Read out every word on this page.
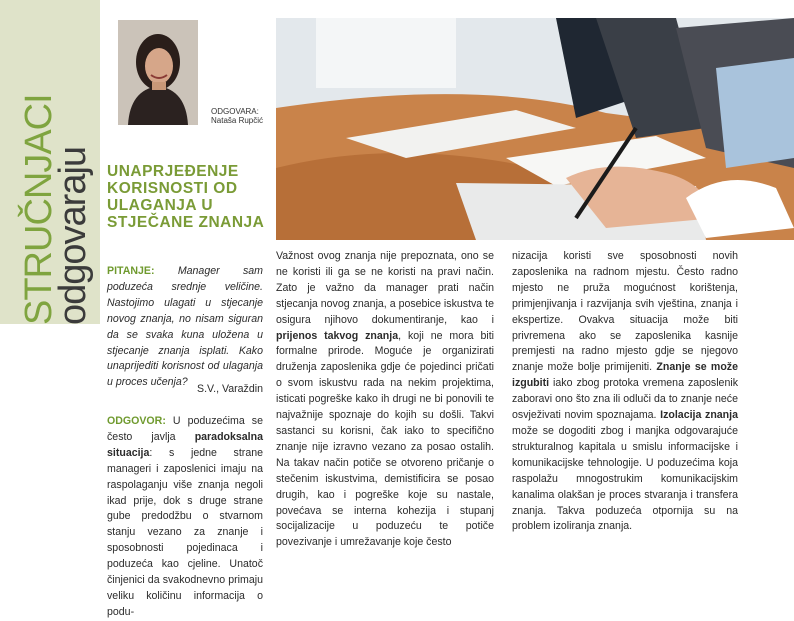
STRUČNJACI
odgovaraju
ODGOVARA:
Nataša Rupčić
UNAPRJEĐENJE KORISNOSTI OD ULAGANJA U STJEČANE ZNANJA

PITANJE: Manager sam poduzeća srednje veličine. Nastojimo ulagati u stjecanje novog znanja, no nisam siguran da se svaka kuna uložena u stjecanje znanja isplati. Kako unaprijediti korisnost od ulaganja u proces učenja?

S.V., Varaždin

ODGOVOR: U poduzećima se često javlja paradoksalna situacija: s jedne strane manageri i zaposlenici imaju na raspolaganju više znanja negoli ikad prije, dok s druge strane gube predodžbu o stvarnom stanju vezano za znanje i sposobnosti pojedinaca i poduzeća kao cjeline. Unatoč činjenici da svakodnevno primaju veliku količinu informacija o podu-

Važnost ovog znanja nije prepoznata, ono se ne koristi ili ga se ne koristi na pravi način. Zato je važno da manager prati način stjecanja novog znanja, a posebice iskustva te osigura njihovo dokumentiranje, kao i prijenos takvog znanja, koji ne mora biti formalne prirode. Moguće je organizirati druženja zaposlenika gdje će pojedinci pričati o svom iskustvu rada na nekim projektima, isticati pogreške kako ih drugi ne bi ponovili te najvažnije spoznaje do kojih su došli. Takvi sastanci su korisni, čak iako to specifično znanje nije izravno vezano za posao ostalih. Na takav način potiče se otvoreno pričanje o stečenim iskustvima, demistificira se posao drugih, kao i pogreške koje su nastale, povećava se interna kohezija i stupanj socijalizacije u poduzeću te potiče povezivanje i umrežavanje koje često

nizacija koristi sve sposobnosti novih zaposlenika na radnom mjestu. Često radno mjesto ne pruža mogućnost korištenja, primjenjivanja i razvijanja svih vještina, znanja i ekspertize. Ovakva situacija može biti privremena ako se zaposlenika kasnije premjesti na radno mjesto gdje se njegovo znanje može bolje primijeniti. Znanje se može izgubiti iako zbog protoka vremena zaposlenik zaboravi ono što zna ili odluči da to znanje neće osvježivati novim spoznajama. Izolacija znanja može se dogoditi zbog i manjka odgovarajuće strukturalnog kapitala u smislu informacijske i komunikacijske tehnologije. U poduzećima koja raspolažu mnogostrukim komunikacijskim kanalima olakšan je proces stvaranja i transfera znanja. Takva poduzeća otpornija su na problem izoliranja znanja.
